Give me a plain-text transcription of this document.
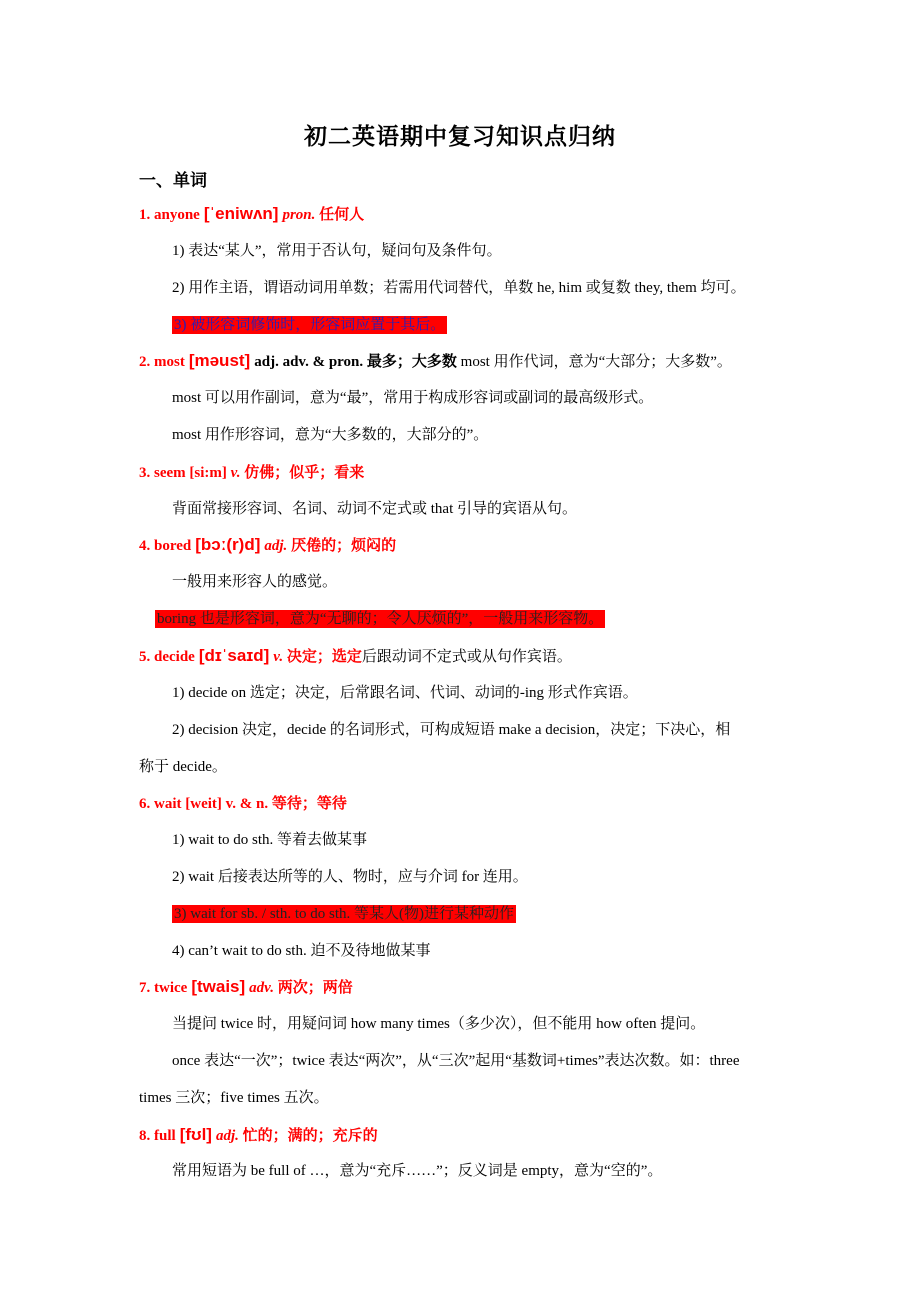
初二英语期中复习知识点归纳
一、单词
1. anyone [ˈeniwʌn] pron. 任何人
1) 表达“某人”，常用于否认句，疑问句及条件句。
2) 用作主语，谓语动词用单数；若需用代词替代，单数 he, him 或复数 they, them 均可。
3) 被形容词修饰时，形容词应置于其后。
2. most [məust] adj. adv. & pron. 最多；大多数 most 用作代词，意为“大部分；大多数”。
most 可以用作副词，意为“最”，常用于构成形容词或副词的最高级形式。
most 用作形容词，意为“大多数的，大部分的”。
3. seem [si:m] v. 仿佛；似乎；看来
背面常接形容词、名词、动词不定式或 that 引导的宾语从句。
4. bored [bɔː(r)d] adj. 厌倦的；烦闷的
一般用来形容人的感觉。
boring 也是形容词，意为“无聊的；令人厌烦的”，一般用来形容物。
5. decide [dɪˈsaɪd] v. 决定；选定后跟动词不定式或从句作宾语。
1) decide on 选定；决定，后常跟名词、代词、动词的-ing 形式作宾语。
2) decision 决定，decide 的名词形式，可构成短语 make a decision，决定；下决心，相
称于 decide。
6. wait [weit] v. & n. 等待；等待
1) wait to do sth. 等着去做某事
2) wait 后接表达所等的人、物时，应与介词 for 连用。
3) wait for sb. / sth. to do sth. 等某人(物)进行某种动作
4) can’t wait to do sth. 迫不及待地做某事
7. twice [twais] adv. 两次；两倍
当提问 twice 时，用疑问词 how many times（多少次），但不能用 how often 提问。
once 表达“一次”；twice 表达“两次”，从“三次”起用“基数词+times”表达次数。如：three
times 三次；five times 五次。
8. full [fʊl] adj. 忙的；满的；充斥的
常用短语为 be full of …，意为“充斥……”；反义词是 empty，意为“空的”。
